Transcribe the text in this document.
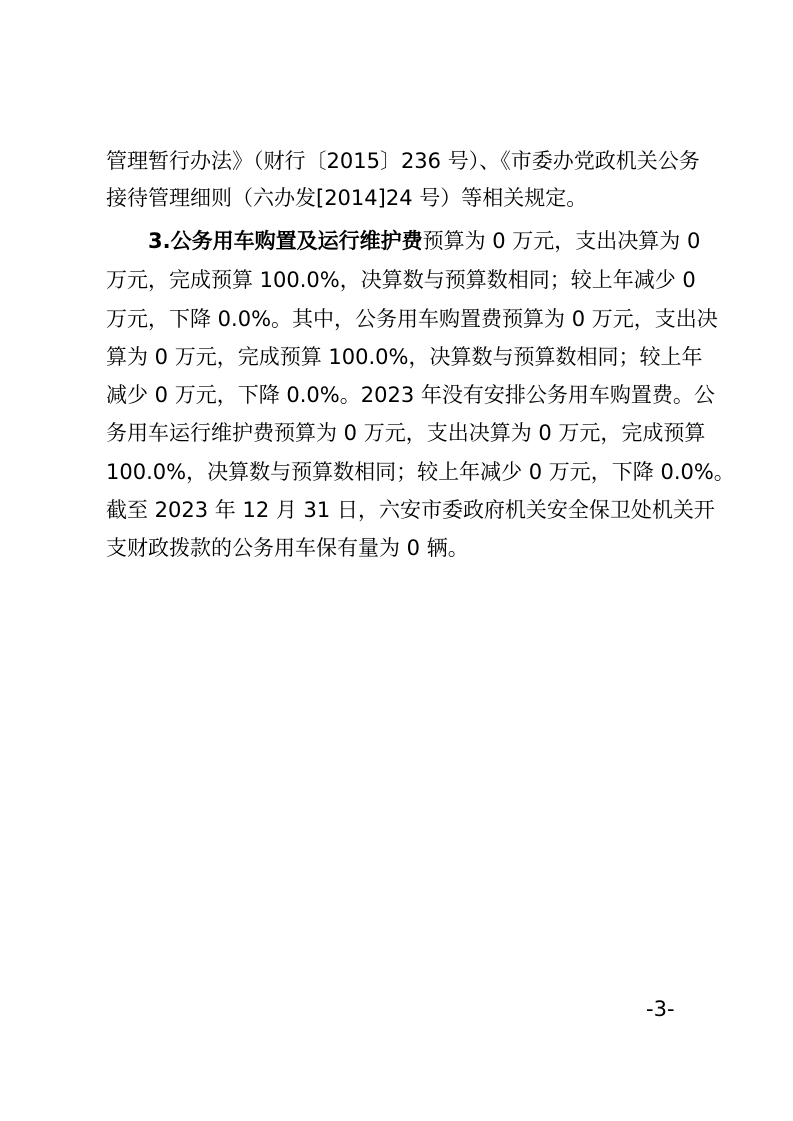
管理暂行办法》（财行〔2015〕236 号）、《市委办党政机关公务
接待管理细则（六办发[2014]24 号）等相关规定。
3.公务用车购置及运行维护费预算为 0 万元，支出决算为 0
万元，完成预算 100.0%，决算数与预算数相同；较上年减少 0
万元，下降 0.0%。其中，公务用车购置费预算为 0 万元，支出决
算为 0 万元，完成预算 100.0%，决算数与预算数相同；较上年
减少 0 万元，下降 0.0%。2023 年没有安排公务用车购置费。公
务用车运行维护费预算为 0 万元，支出决算为 0 万元，完成预算
100.0%，决算数与预算数相同；较上年减少 0 万元，下降 0.0%。
截至 2023 年 12 月 31 日，六安市委政府机关安全保卫处机关开
支财政拨款的公务用车保有量为 0 辆。
-3-
